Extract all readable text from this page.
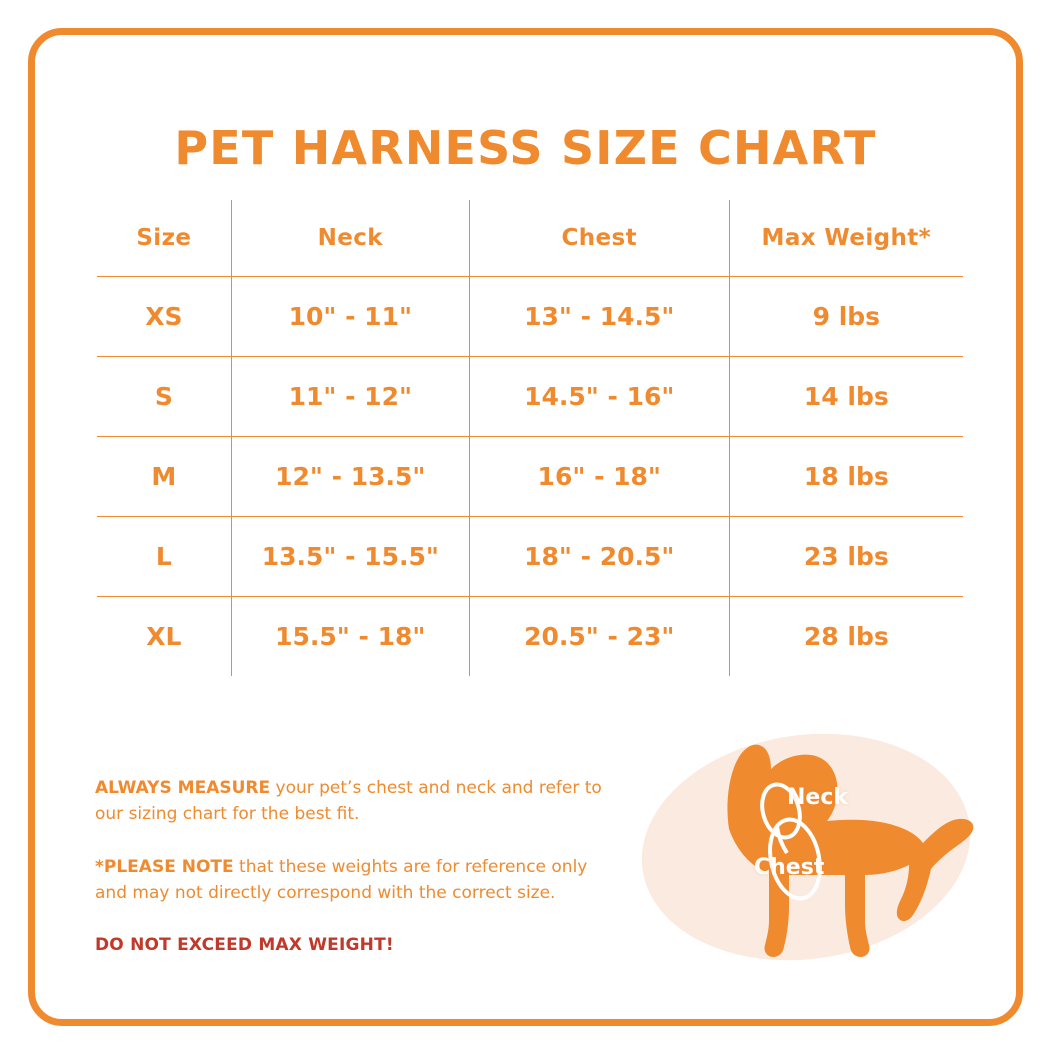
PET HARNESS SIZE CHART
Size	Neck	Chest	Max Weight*
XS	10" - 11"	13" - 14.5"	9 lbs
S	11" - 12"	14.5" - 16"	14 lbs
M	12" - 13.5"	16" - 18"	18 lbs
L	13.5" - 15.5"	18" - 20.5"	23 lbs
XL	15.5" - 18"	20.5" - 23"	28 lbs

ALWAYS MEASURE your pet’s chest and neck and refer to our sizing chart for the best fit.

*PLEASE NOTE that these weights are for reference only and may not directly correspond with the correct size.

DO NOT EXCEED MAX WEIGHT!

Neck
Chest
